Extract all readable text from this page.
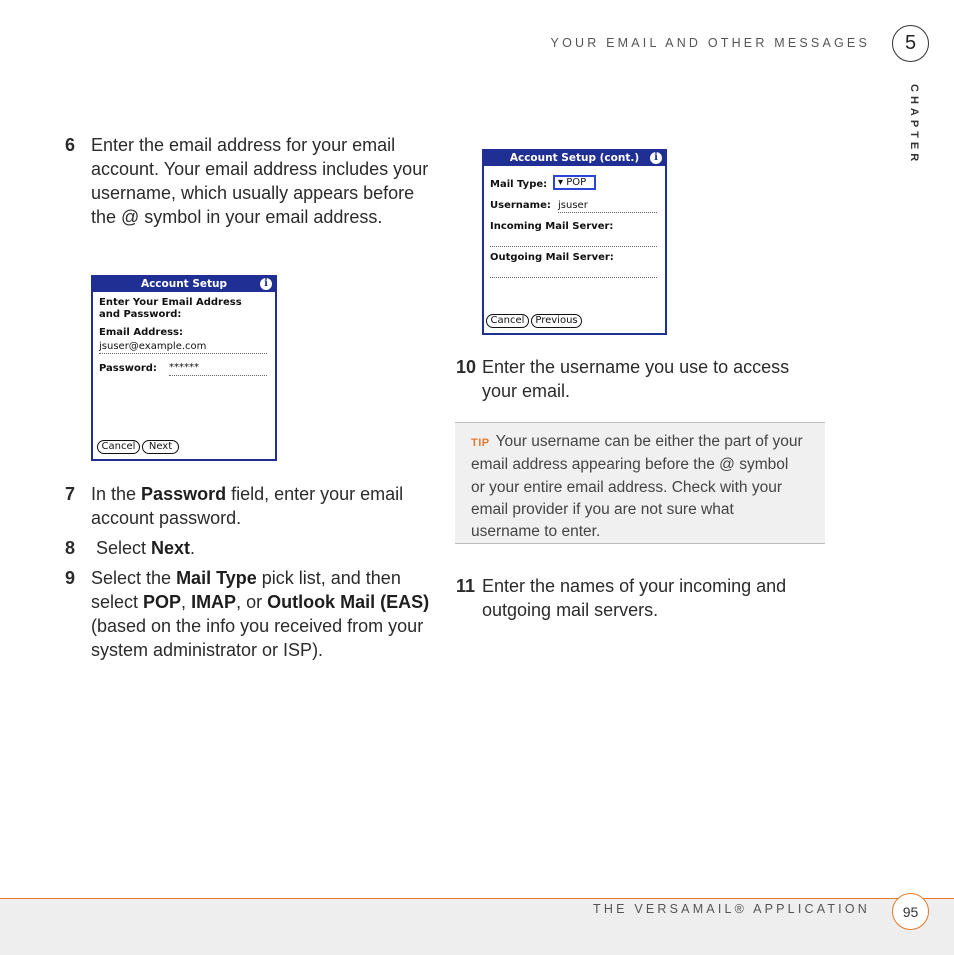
YOUR EMAIL AND OTHER MESSAGES	5
CHAPTER
6 Enter the email address for your email account. Your email address includes your username, which usually appears before the @ symbol in your email address.
Account Setup	i
Enter Your Email Address
and Password:
Email Address:
jsuser@example.com
Password: ******
Cancel	Next
7 In the Password field, enter your email account password.
8 Select Next.
9 Select the Mail Type pick list, and then select POP, IMAP, or Outlook Mail (EAS) (based on the info you received from your system administrator or ISP).
Account Setup (cont.)	i
Mail Type:	▾ POP
Username: jsuser
Incoming Mail Server:
Outgoing Mail Server:
Cancel	Previous
10 Enter the username you use to access your email.
TIP Your username can be either the part of your email address appearing before the @ symbol or your entire email address. Check with your email provider if you are not sure what username to enter.
11 Enter the names of your incoming and outgoing mail servers.
THE VERSAMAIL® APPLICATION	95
